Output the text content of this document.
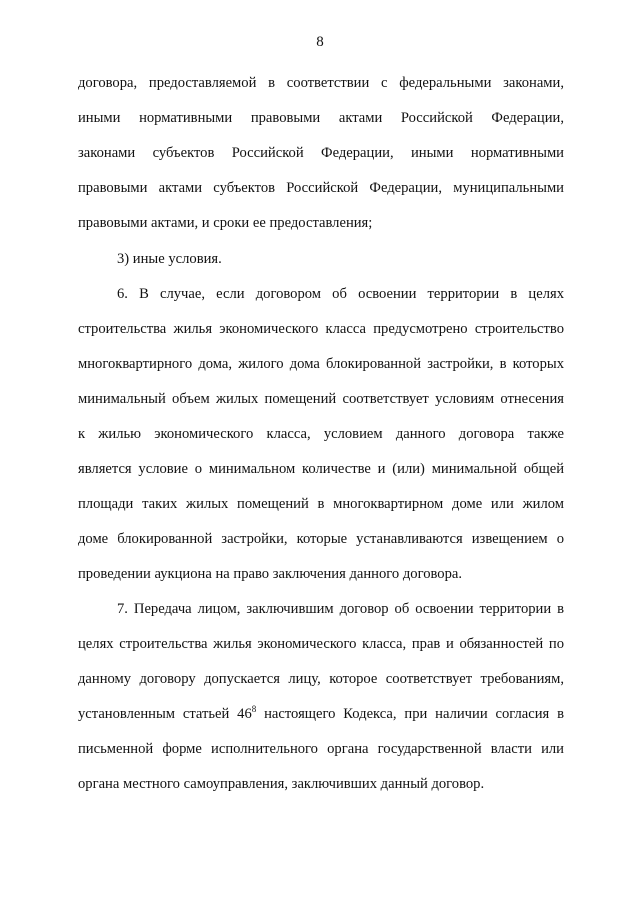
8
договора, предоставляемой в соответствии с федеральными законами,
иными нормативными правовыми актами Российской Федерации,
законами субъектов Российской Федерации, иными нормативными
правовыми актами субъектов Российской Федерации, муниципальными
правовыми актами, и сроки ее предоставления;
3) иные условия.
6. В случае, если договором об освоении территории в целях
строительства жилья экономического класса предусмотрено строительство
многоквартирного дома, жилого дома блокированной застройки, в которых
минимальный объем жилых помещений соответствует условиям отнесения
к жилью экономического класса, условием данного договора также
является условие о минимальном количестве и (или) минимальной общей
площади таких жилых помещений в многоквартирном доме или жилом
доме блокированной застройки, которые устанавливаются извещением о
проведении аукциона на право заключения данного договора.
7. Передача лицом, заключившим договор об освоении территории в
целях строительства жилья экономического класса, прав и обязанностей по
данному договору допускается лицу, которое соответствует требованиям,
установленным статьей $46^8$ настоящего Кодекса, при наличии согласия в
письменной форме исполнительного органа государственной власти или
органа местного самоуправления, заключивших данный договор.
